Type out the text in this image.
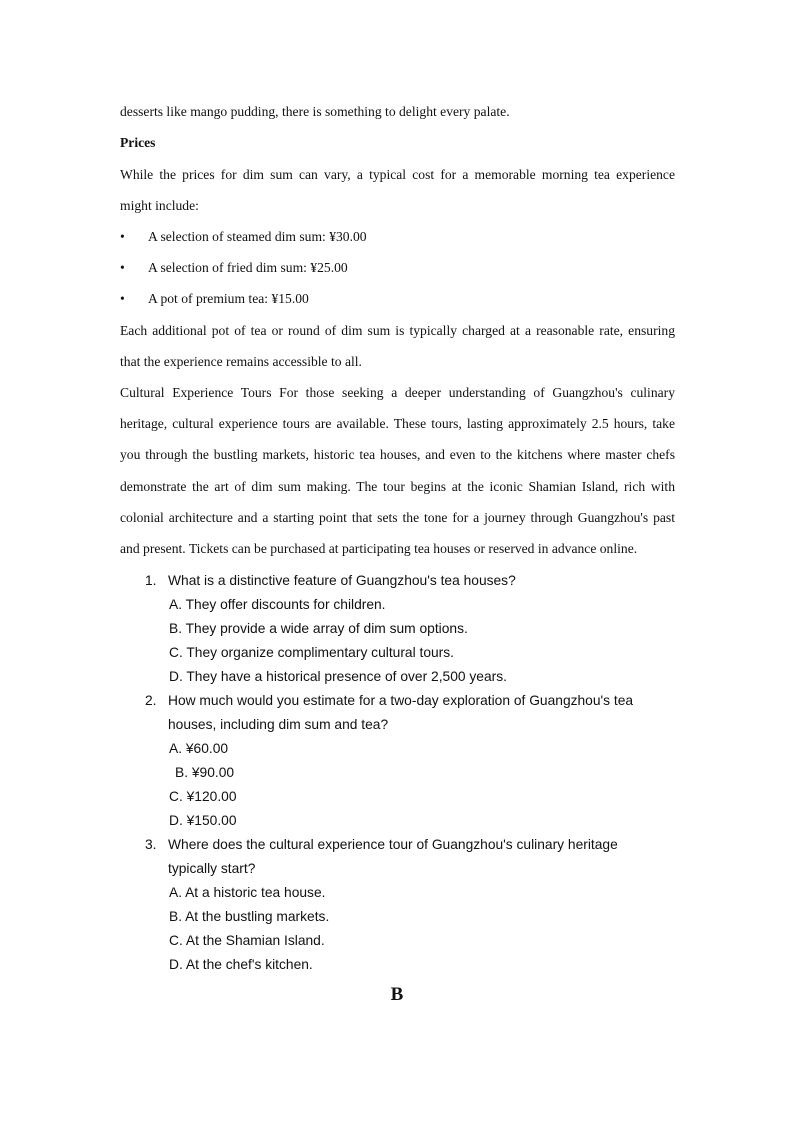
desserts like mango pudding, there is something to delight every palate.
Prices
While the prices for dim sum can vary, a typical cost for a memorable morning tea experience
might include:
• A selection of steamed dim sum: ¥30.00
• A selection of fried dim sum: ¥25.00
• A pot of premium tea: ¥15.00
Each additional pot of tea or round of dim sum is typically charged at a reasonable rate, ensuring
that the experience remains accessible to all.
Cultural Experience Tours For those seeking a deeper understanding of Guangzhou's culinary
heritage, cultural experience tours are available. These tours, lasting approximately 2.5 hours, take
you through the bustling markets, historic tea houses, and even to the kitchens where master chefs
demonstrate the art of dim sum making. The tour begins at the iconic Shamian Island, rich with
colonial architecture and a starting point that sets the tone for a journey through Guangzhou's past
and present. Tickets can be purchased at participating tea houses or reserved in advance online.
1. What is a distinctive feature of Guangzhou's tea houses?
A. They offer discounts for children.
B. They provide a wide array of dim sum options.
C. They organize complimentary cultural tours.
D. They have a historical presence of over 2,500 years.
2. How much would you estimate for a two-day exploration of Guangzhou's tea
houses, including dim sum and tea?
A. ¥60.00
B. ¥90.00
C. ¥120.00
D. ¥150.00
3. Where does the cultural experience tour of Guangzhou's culinary heritage
typically start?
A. At a historic tea house.
B. At the bustling markets.
C. At the Shamian Island.
D. At the chef's kitchen.
B
